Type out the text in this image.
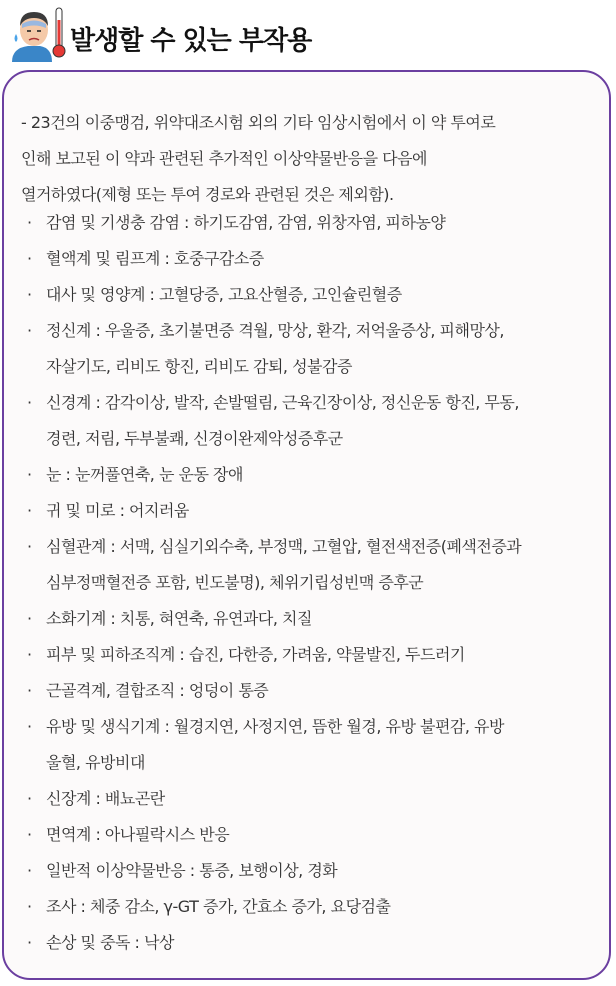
발생할 수 있는 부작용

- 23건의 이중맹검, 위약대조시험 외의 기타 임상시험에서 이 약 투여로
인해 보고된 이 약과 관련된 추가적인 이상약물반응을 다음에
열거하였다(제형 또는 투여 경로와 관련된 것은 제외함).

· 감염 및 기생충 감염 : 하기도감염, 감염, 위창자염, 피하농양
· 혈액계 및 림프계 : 호중구감소증
· 대사 및 영양계 : 고혈당증, 고요산혈증, 고인슐린혈증
· 정신계 : 우울증, 초기불면증 격월, 망상, 환각, 저억울증상, 피해망상,
자살기도, 리비도 항진, 리비도 감퇴, 성불감증
· 신경계 : 감각이상, 발작, 손발떨림, 근육긴장이상, 정신운동 항진, 무동,
경련, 저림, 두부불쾌, 신경이완제악성증후군
· 눈 : 눈꺼풀연축, 눈 운동 장애
· 귀 및 미로 : 어지러움
· 심혈관계 : 서맥, 심실기외수축, 부정맥, 고혈압, 혈전색전증(폐색전증과
심부정맥혈전증 포함, 빈도불명), 체위기립성빈맥 증후군
· 소화기계 : 치통, 혀연축, 유연과다, 치질
· 피부 및 피하조직계 : 습진, 다한증, 가려움, 약물발진, 두드러기
· 근골격계, 결합조직 : 엉덩이 통증
· 유방 및 생식기계 : 월경지연, 사정지연, 뜸한 월경, 유방 불편감, 유방
울혈, 유방비대
· 신장계 : 배뇨곤란
· 면역계 : 아나필락시스 반응
· 일반적 이상약물반응 : 통증, 보행이상, 경화
· 조사 : 체중 감소, γ-GT 증가, 간효소 증가, 요당검출
· 손상 및 중독 : 낙상
